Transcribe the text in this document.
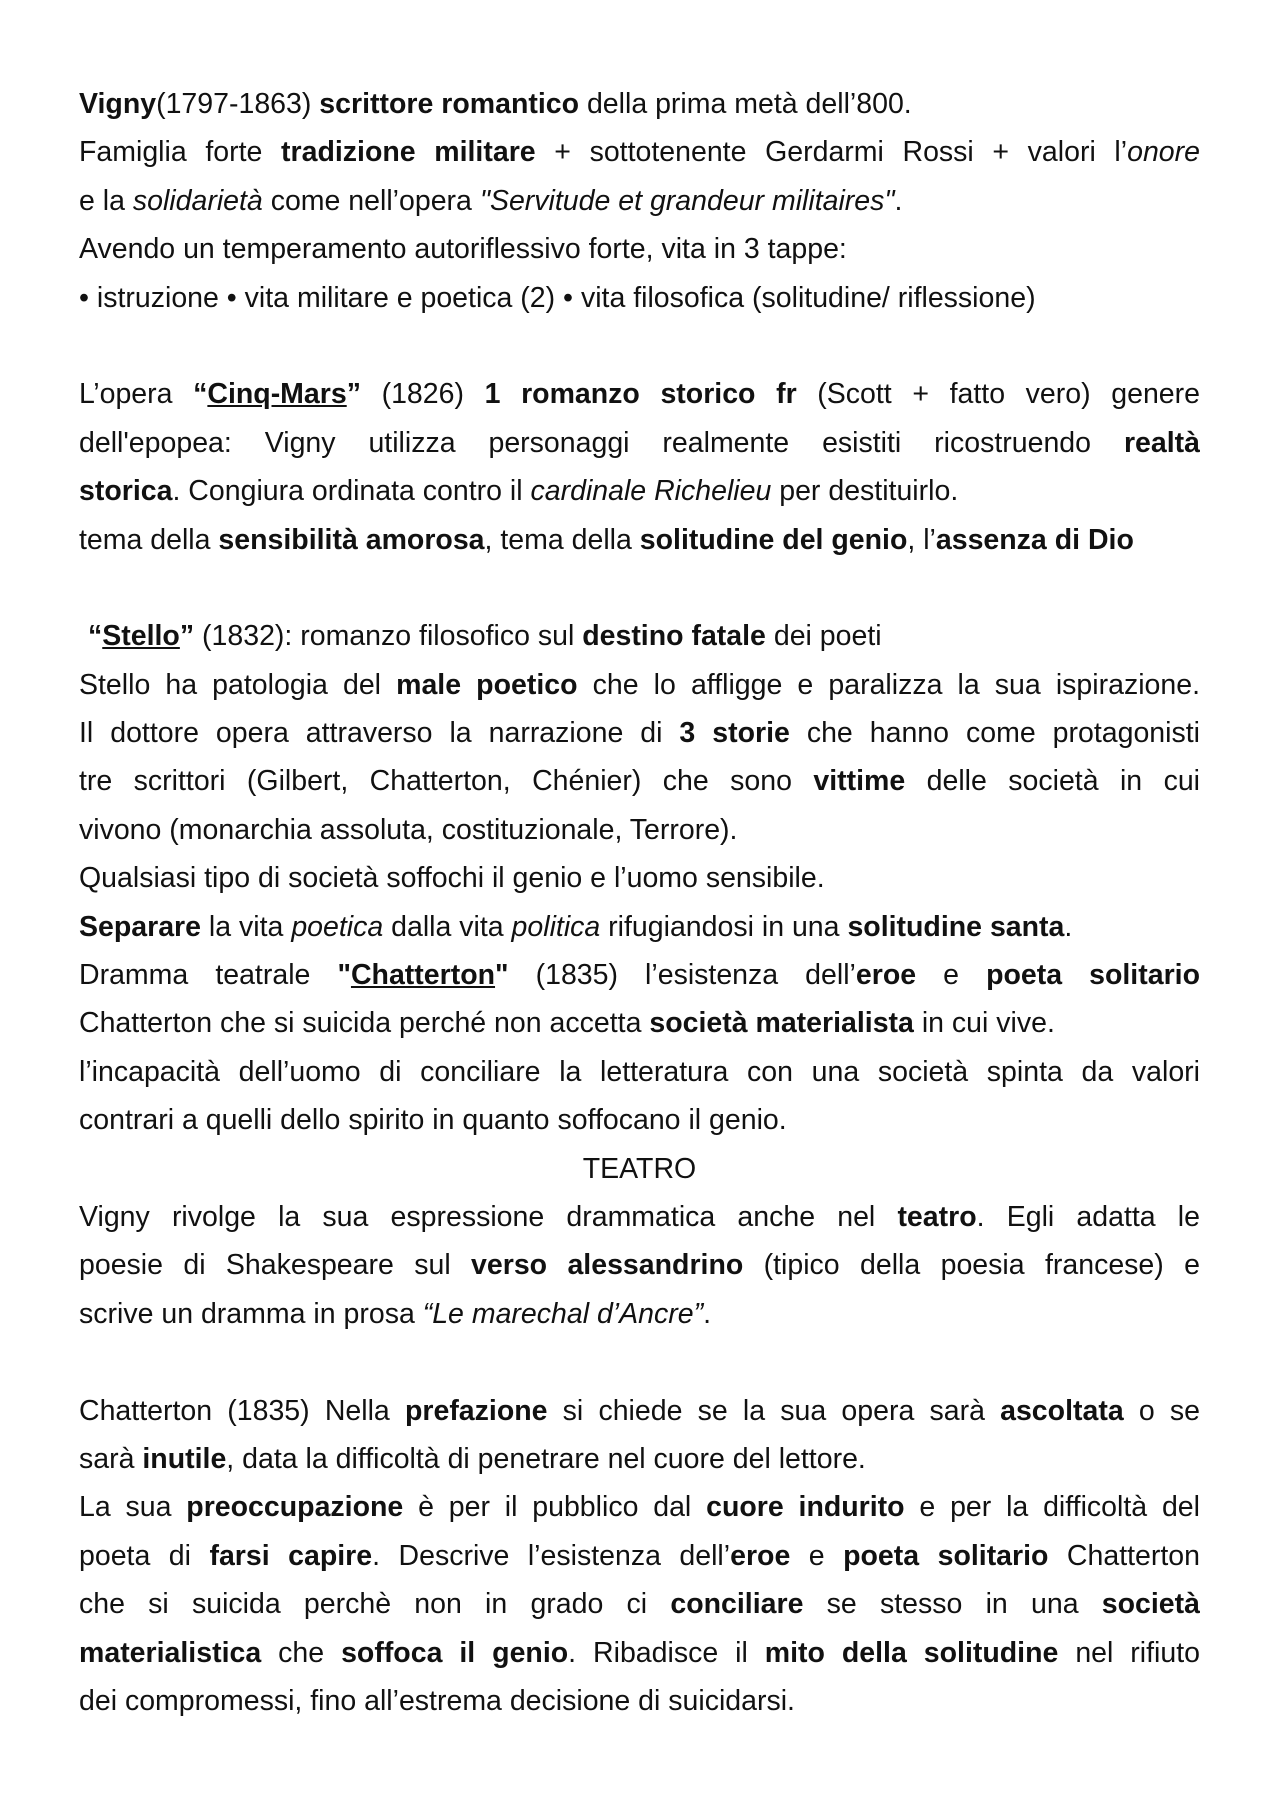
Vigny(1797-1863) scrittore romantico della prima metà dell’800.
Famiglia forte tradizione militare + sottotenente Gerdarmi Rossi + valori l’onore
e la solidarietà come nell’opera "Servitude et grandeur militaires".
Avendo un temperamento autoriflessivo forte, vita in 3 tappe:
• istruzione • vita militare e poetica (2) • vita filosofica (solitudine/ riflessione)
L’opera “Cinq-Mars” (1826) 1 romanzo storico fr (Scott + fatto vero) genere
dell'epopea: Vigny utilizza personaggi realmente esistiti ricostruendo realtà
storica. Congiura ordinata contro il cardinale Richelieu per destituirlo.
tema della sensibilità amorosa, tema della solitudine del genio, l’assenza di Dio
“Stello” (1832): romanzo filosofico sul destino fatale dei poeti
Stello ha patologia del male poetico che lo affligge e paralizza la sua ispirazione.
Il dottore opera attraverso la narrazione di 3 storie che hanno come protagonisti
tre scrittori (Gilbert, Chatterton, Chénier) che sono vittime delle società in cui
vivono (monarchia assoluta, costituzionale, Terrore).
Qualsiasi tipo di società soffochi il genio e l’uomo sensibile.
Separare la vita poetica dalla vita politica rifugiandosi in una solitudine santa.
Dramma teatrale "Chatterton" (1835) l’esistenza dell’eroe e poeta solitario
Chatterton che si suicida perché non accetta società materialista in cui vive.
l’incapacità dell’uomo di conciliare la letteratura con una società spinta da valori
contrari a quelli dello spirito in quanto soffocano il genio.
TEATRO
Vigny rivolge la sua espressione drammatica anche nel teatro. Egli adatta le
poesie di Shakespeare sul verso alessandrino (tipico della poesia francese) e
scrive un dramma in prosa “Le marechal d’Ancre”.
Chatterton (1835) Nella prefazione si chiede se la sua opera sarà ascoltata o se
sarà inutile, data la difficoltà di penetrare nel cuore del lettore.
La sua preoccupazione è per il pubblico dal cuore indurito e per la difficoltà del
poeta di farsi capire. Descrive l’esistenza dell’eroe e poeta solitario Chatterton
che si suicida perchè non in grado ci conciliare se stesso in una società
materialistica che soffoca il genio. Ribadisce il mito della solitudine nel rifiuto
dei compromessi, fino all’estrema decisione di suicidarsi.
